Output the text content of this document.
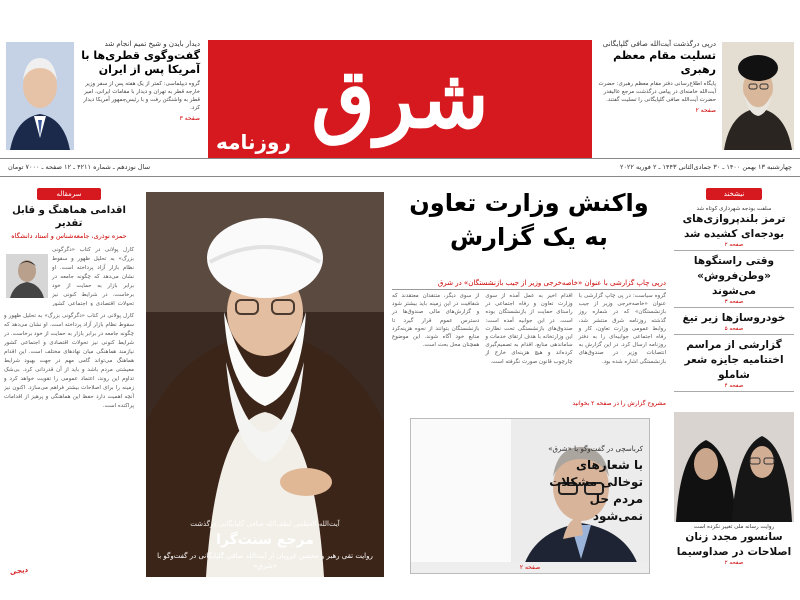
دیدار بایدن و شیخ تمیم انجام شد
گفت‌وگوی قطری‌ها با آمریکا پس از ایران
گروه دیپلماسی: کمتر از یک هفته پس از سفر وزیر خارجه قطر به تهران و دیدار با مقامات ایرانی، امیر قطر به واشنگتن رفت و با رئیس‌جمهور آمریکا دیدار کرد.
صفحه ۳	شرق
روزنامه
درپی درگذشت آیت‌الله صافی گلپایگانی
تسلیت مقام معظم رهبری
پایگاه اطلاع‌رسانی دفتر مقام معظم رهبری: حضرت آیت‌الله خامنه‌ای در پیامی درگذشت مرجع عالیقدر حضرت آیت‌الله صافی گلپایگانی را تسلیت گفتند.
صفحه ۲
سال نوزدهم ـ شماره ۴۲۱۱ ـ ۱۲ صفحه ـ ۷۰۰۰ تومان	چهارشنبه ۱۳ بهمن ۱۴۰۰ ـ ۳۰ جمادی‌الثانی ۱۴۴۳ ـ ۲ فوریه ۲۰۲۲
سرمقاله
اقدامی هماهنگ و قابل تقدیر
حمزه نوذری، جامعه‌شناس و استاد دانشگاه
کارل پولانی در کتاب «دگرگونی بزرگ» به تحلیل ظهور و سقوط نظام بازار آزاد پرداخته است. او نشان می‌دهد که چگونه جامعه در برابر بازار به حمایت از خود برخاست. در شرایط کنونی نیز تحولات اقتصادی و اجتماعی کشور
کارل پولانی در کتاب «دگرگونی بزرگ» به تحلیل ظهور و سقوط نظام بازار آزاد پرداخته است. او نشان می‌دهد که چگونه جامعه در برابر بازار به حمایت از خود برخاست. در شرایط کنونی نیز تحولات اقتصادی و اجتماعی کشور نیازمند هماهنگی میان نهادهای مختلف است. این اقدام هماهنگ می‌تواند گامی مهم در جهت بهبود شرایط معیشتی مردم باشد و باید از آن قدردانی کرد. بی‌شک تداوم این روند، اعتماد عمومی را تقویت خواهد کرد و زمینه را برای اصلاحات بیشتر فراهم می‌سازد. اکنون نیز آنچه اهمیت دارد حفظ این هماهنگی و پرهیز از اقدامات پراکنده است.
آیت‌الله العظمی لطف‌الله صافی گلپایگانی درگذشت
مرجع سنت‌گرا
روایت تقی رهبر و محسن غرویان از آیت‌الله صافی گلپایگانی در گفت‌وگو با «شرق»
واکنش وزارت تعاون
به یک گزارش
درپی چاپ گزارشی با عنوان «خاصه‌خرجی وزیر از جیب بازنشستگان» در شرق

گروه سیاست: در پی چاپ گزارشی با عنوان «خاصه‌خرجی وزیر از جیب بازنشستگان» که در شماره روز گذشته روزنامه شرق منتشر شد، روابط عمومی وزارت تعاون، کار و رفاه اجتماعی جوابیه‌ای را به دفتر روزنامه ارسال کرد. در این گزارش به انتصابات وزیر در صندوق‌های بازنشستگی اشاره شده بود.

اقدام اخیر به عمل آمده از سوی وزارت تعاون و رفاه اجتماعی در راستای حمایت از بازنشستگان بوده است. در این جوابیه آمده است: صندوق‌های بازنشستگی تحت نظارت این وزارتخانه با هدف ارتقای خدمات و ساماندهی منابع، اقدام به تصمیم‌گیری کرده‌اند و هیچ هزینه‌ای خارج از چارچوب قانون صورت نگرفته است.

از سوی دیگر، منتقدان معتقدند که شفافیت در این زمینه باید بیشتر شود و گزارش‌های مالی صندوق‌ها در دسترس عموم قرار گیرد تا بازنشستگان بتوانند از نحوه هزینه‌کرد منابع خود آگاه شوند. این موضوع همچنان محل بحث است.

مشروح گزارش را در صفحه ۲ بخوانید
کرباسچی در گفت‌وگو با «شرق»
با شعارهای توخالی مشکلات مردم حل نمی‌شود
صفحه ۲
نیشخند
سلفت بودجه شهرداری کوتاه شد
ترمز بلندپروازی‌های بودجه‌ای کشیده شد
صفحه ۲
وقتی راستگوها «وطن‌فروش» می‌شوند
صفحه ۳
خودروسازها زیر تیغ
صفحه ۵
گزارشی از مراسم اختتامیه جایزه شعر شاملو
صفحه ۴
روایت رسانه ملی تغییر نکرده است
سانسور مجدد زنان اصلاحات در صداوسیما
صفحه ۲
دیجی
